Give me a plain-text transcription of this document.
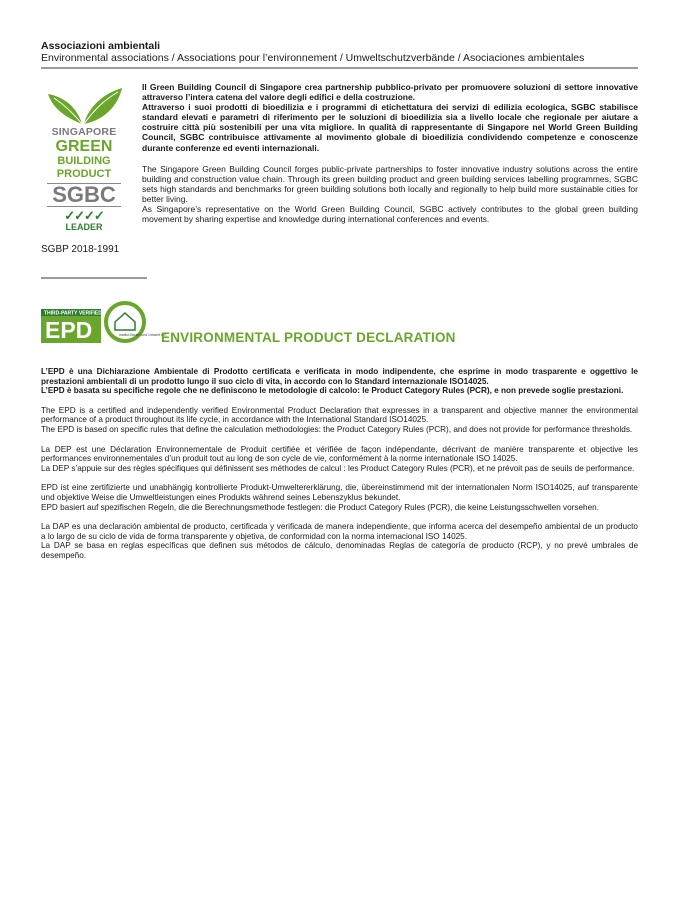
Associazioni ambientali
Environmental associations / Associations pour l’environnement / Umweltschutzverbände / Asociaciones ambientales
SINGAPORE
GREEN
BUILDING
PRODUCT
SGBC
✓✓✓✓
LEADER
SGBP 2018-1991

Il Green Building Council di Singapore crea partnership pubblico-privato per promuovere soluzioni di settore innovative attraverso l’intera catena del valore degli edifici e della costruzione.

Attraverso i suoi prodotti di bioedilizia e i programmi di etichettatura dei servizi di edilizia ecologica, SGBC stabilisce standard elevati e parametri di riferimento per le soluzioni di bioedilizia sia a livello locale che regionale per aiutare a costruire città più sostenibili per una vita migliore. In qualità di rappresentante di Singapore nel World Green Building Council, SGBC contribuisce attivamente al movimento globale di bioedilizia condividendo competenze e conoscenze durante conferenze ed eventi internazionali.

The Singapore Green Building Council forges public-private partnerships to foster innovative industry solutions across the entire building and construction value chain. Through its green building product and green building services labelling programmes, SGBC sets high standards and benchmarks for green building solutions both locally and regionally to help build more sustainable cities for better living.

As Singapore’s representative on the World Green Building Council, SGBC actively contributes to the global green building movement by sharing expertise and knowledge during international conferences and events.

THIRD-PARTY VERIFIED
EPD	Institut Bauen und Umwelt e.V.
ENVIRONMENTAL PRODUCT DECLARATION

L’EPD è una Dichiarazione Ambientale di Prodotto certificata e verificata in modo indipendente, che esprime in modo trasparente e oggettivo le prestazioni ambientali di un prodotto lungo il suo ciclo di vita, in accordo con lo Standard internazionale ISO14025.

L’EPD è basata su specifiche regole che ne definiscono le metodologie di calcolo: le Product Category Rules (PCR), e non prevede soglie prestazioni.

The EPD is a certified and independently verified Environmental Product Declaration that expresses in a transparent and objective manner the environmental performance of a product throughout its life cycle, in accordance with the International Standard ISO14025.

The EPD is based on specific rules that define the calculation methodologies: the Product Category Rules (PCR), and does not provide for performance thresholds.

La DEP est une Déclaration Environnementale de Produit certifiée et vérifiée de façon indépendante, décrivant de manière transparente et objective les performances environnementales d’un produit tout au long de son cycle de vie, conformément à la norme internationale ISO 14025.

La DEP s’appuie sur des règles spécifiques qui définissent ses méthodes de calcul : les Product Category Rules (PCR), et ne prévoit pas de seuils de performance.

EPD ist eine zertifizierte und unabhängig kontrollierte Produkt-Umweltererklärung, die, übereinstimmend mit der internationalen Norm ISO14025, auf transparente und objektive Weise die Umweltleistungen eines Produkts während seines Lebenszyklus bekundet.

EPD basiert auf spezifischen Regeln, die die Berechnungsmethode festlegen: die Product Category Rules (PCR), die keine Leistungsschwellen vorsehen.

La DAP es una declaración ambiental de producto, certificada y verificada de manera independiente, que informa acerca del desempeño ambiental de un producto a lo largo de su ciclo de vida de forma transparente y objetiva, de conformidad con la norma internacional ISO 14025.

La DAP se basa en reglas específicas que definen sus métodos de cálculo, denominadas Reglas de categoría de producto (RCP), y no prevé umbrales de desempeño.
